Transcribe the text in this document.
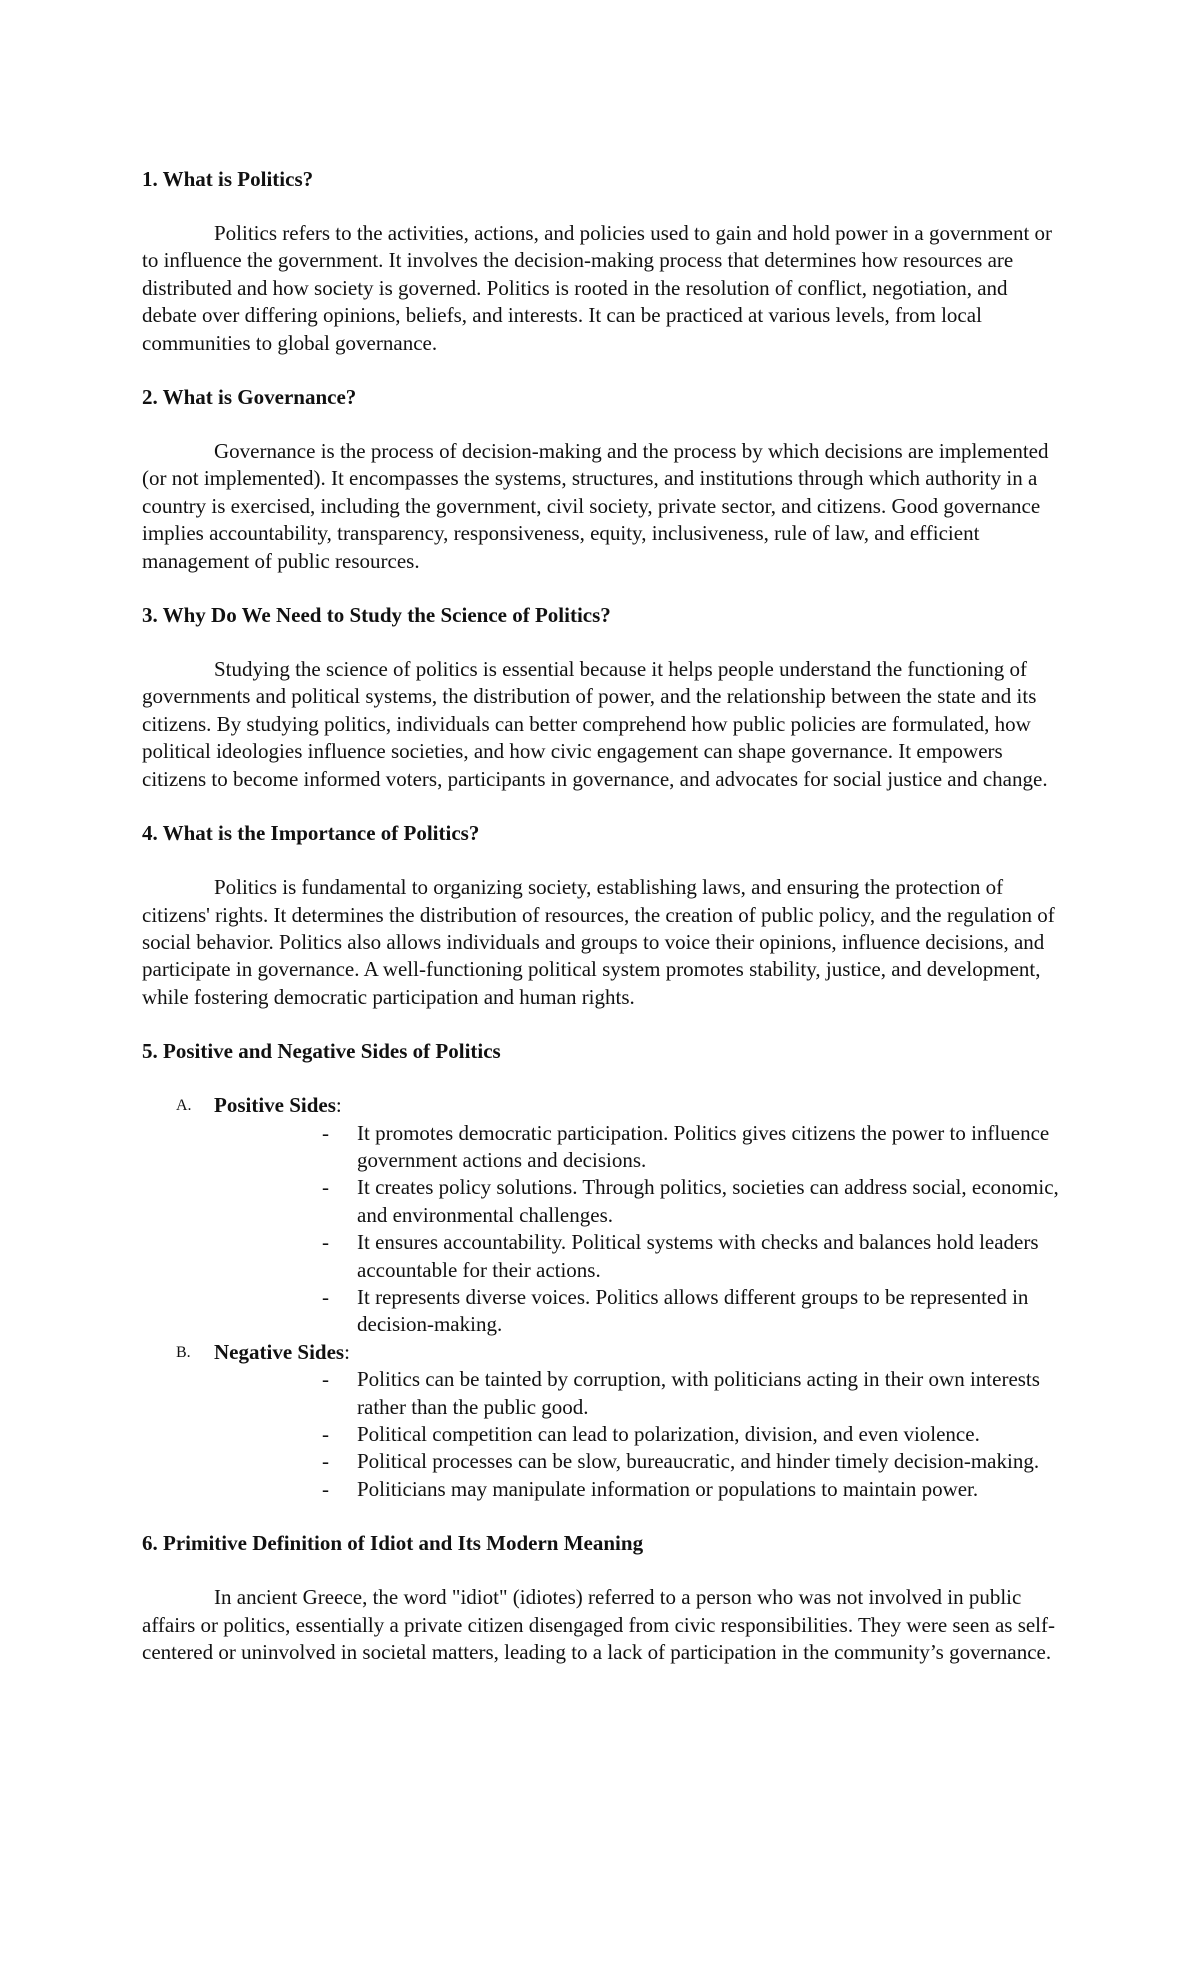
1. What is Politics?

Politics refers to the activities, actions, and policies used to gain and hold power in a government or to influence the government. It involves the decision-making process that determines how resources are distributed and how society is governed. Politics is rooted in the resolution of conflict, negotiation, and debate over differing opinions, beliefs, and interests. It can be practiced at various levels, from local communities to global governance.

2. What is Governance?

Governance is the process of decision-making and the process by which decisions are implemented (or not implemented). It encompasses the systems, structures, and institutions through which authority in a country is exercised, including the government, civil society, private sector, and citizens. Good governance implies accountability, transparency, responsiveness, equity, inclusiveness, rule of law, and efficient management of public resources.

3. Why Do We Need to Study the Science of Politics?

Studying the science of politics is essential because it helps people understand the functioning of governments and political systems, the distribution of power, and the relationship between the state and its citizens. By studying politics, individuals can better comprehend how public policies are formulated, how political ideologies influence societies, and how civic engagement can shape governance. It empowers citizens to become informed voters, participants in governance, and advocates for social justice and change.

4. What is the Importance of Politics?

Politics is fundamental to organizing society, establishing laws, and ensuring the protection of citizens' rights. It determines the distribution of resources, the creation of public policy, and the regulation of social behavior. Politics also allows individuals and groups to voice their opinions, influence decisions, and participate in governance. A well-functioning political system promotes stability, justice, and development, while fostering democratic participation and human rights.

5. Positive and Negative Sides of Politics
A. Positive Sides:
- It promotes democratic participation. Politics gives citizens the power to influence government actions and decisions.
- It creates policy solutions. Through politics, societies can address social, economic, and environmental challenges.
- It ensures accountability. Political systems with checks and balances hold leaders accountable for their actions.
- It represents diverse voices. Politics allows different groups to be represented in decision-making.
B. Negative Sides:
- Politics can be tainted by corruption, with politicians acting in their own interests rather than the public good.
- Political competition can lead to polarization, division, and even violence.
- Political processes can be slow, bureaucratic, and hinder timely decision-making.
- Politicians may manipulate information or populations to maintain power.
6. Primitive Definition of Idiot and Its Modern Meaning

In ancient Greece, the word "idiot" (idiotes) referred to a person who was not involved in public affairs or politics, essentially a private citizen disengaged from civic responsibilities. They were seen as self-centered or uninvolved in societal matters, leading to a lack of participation in the community’s governance.
